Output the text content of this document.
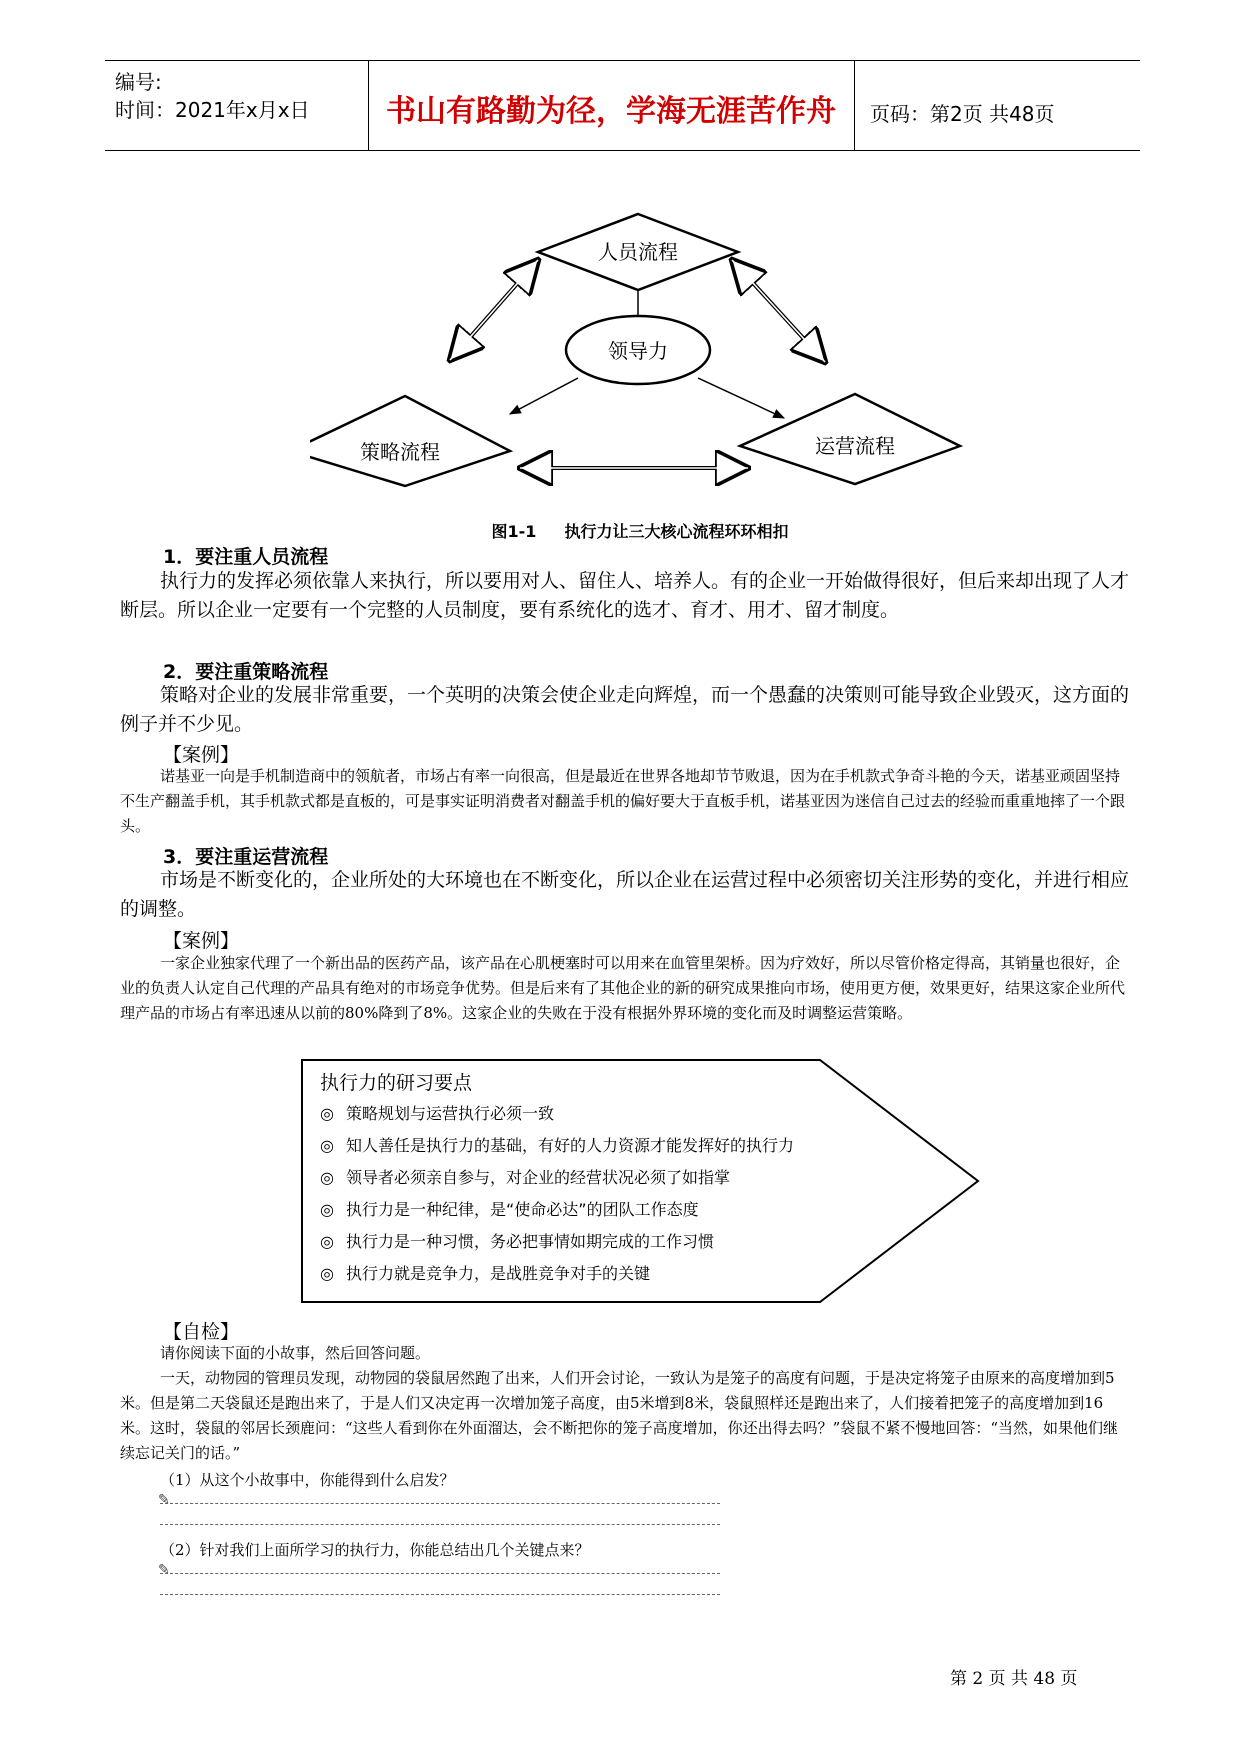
编号:
时间：2021年x月x日	书山有路勤为径，学海无涯苦作舟	页码：第2页 共48页
人员流程
领导力
策略流程	运营流程
图1-1 执行力让三大核心流程环环相扣
1．要注重人员流程
执行力的发挥必须依靠人来执行，所以要用对人、留住人、培养人。有的企业一开始做得很好，但后来却出现了人才断层。所以企业一定要有一个完整的人员制度，要有系统化的选才、育才、用才、留才制度。
2．要注重策略流程
策略对企业的发展非常重要，一个英明的决策会使企业走向辉煌，而一个愚蠢的决策则可能导致企业毁灭，这方面的例子并不少见。
【案例】
诺基亚一向是手机制造商中的领航者，市场占有率一向很高，但是最近在世界各地却节节败退，因为在手机款式争奇斗艳的今天，诺基亚顽固坚持不生产翻盖手机，其手机款式都是直板的，可是事实证明消费者对翻盖手机的偏好要大于直板手机，诺基亚因为迷信自己过去的经验而重重地摔了一个跟头。
3．要注重运营流程
市场是不断变化的，企业所处的大环境也在不断变化，所以企业在运营过程中必须密切关注形势的变化，并进行相应的调整。
【案例】
一家企业独家代理了一个新出品的医药产品，该产品在心肌梗塞时可以用来在血管里架桥。因为疗效好，所以尽管价格定得高，其销量也很好，企业的负责人认定自己代理的产品具有绝对的市场竞争优势。但是后来有了其他企业的新的研究成果推向市场，使用更方便，效果更好，结果这家企业所代理产品的市场占有率迅速从以前的80%降到了8%。这家企业的失败在于没有根据外界环境的变化而及时调整运营策略。
执行力的研习要点
◎ 策略规划与运营执行必须一致
◎ 知人善任是执行力的基础，有好的人力资源才能发挥好的执行力
◎ 领导者必须亲自参与，对企业的经营状况必须了如指掌
◎ 执行力是一种纪律，是“使命必达”的团队工作态度
◎ 执行力是一种习惯，务必把事情如期完成的工作习惯
◎ 执行力就是竞争力，是战胜竞争对手的关键
【自检】
请你阅读下面的小故事，然后回答问题。
一天，动物园的管理员发现，动物园的袋鼠居然跑了出来，人们开会讨论，一致认为是笼子的高度有问题，于是决定将笼子由原来的高度增加到5米。但是第二天袋鼠还是跑出来了，于是人们又决定再一次增加笼子高度，由5米增到8米，袋鼠照样还是跑出来了，人们接着把笼子的高度增加到16米。这时，袋鼠的邻居长颈鹿问：“这些人看到你在外面溜达，会不断把你的笼子高度增加，你还出得去吗？”袋鼠不紧不慢地回答：“当然，如果他们继续忘记关门的话。”
（1）从这个小故事中，你能得到什么启发？
✎
（2）针对我们上面所学习的执行力，你能总结出几个关键点来？
✎
第 2 页 共 48 页
